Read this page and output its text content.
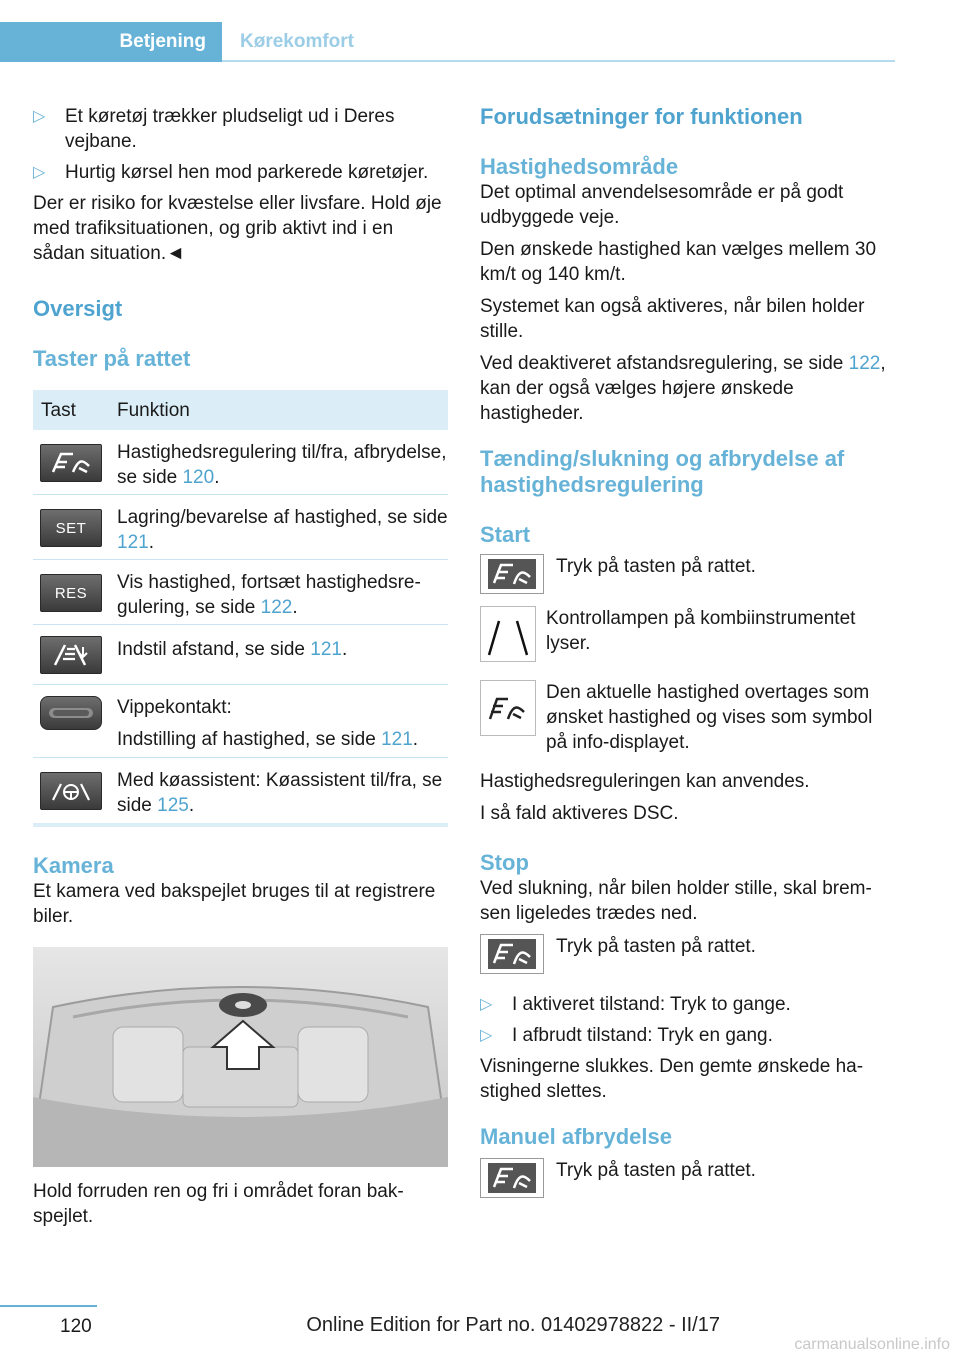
Betjening	Kørekomfort
▷	Et køretøj trækker pludseligt ud i Deres vejbane.
▷	Hurtig kørsel hen mod parkerede køretøjer.

Der er risiko for kvæstelse eller livsfare. Hold øje med trafiksituationen, og grib aktivt ind i en sådan situation.◄

Oversigt
Taster på rattet
Tast	Funktion
Hastighedsregulering til/fra, afbrydelse, se side 120.
SET	Lagring/bevarelse af hastighed, se side 121.
RES	Vis hastighed, fortsæt hastighedsregulering, se side 122.
Indstil afstand, se side 121.

Vippekontakt:

Indstilling af hastighed, se side 121.

Med køassistent: Køassistent til/fra, se side 125.
Kamera

Et kamera ved bakspejlet bruges til at registrere biler.

Hold forruden ren og fri i området foran bakspejlet.

Forudsætninger for funktionen
Hastighedsområde

Det optimal anvendelsesområde er på godt udbyggede veje.

Den ønskede hastighed kan vælges mellem 30 km/t og 140 km/t.

Systemet kan også aktiveres, når bilen holder stille.

Ved deaktiveret afstandsregulering, se side 122, kan der også vælges højere ønskede hastigheder.

Tænding/slukning og afbrydelse af hastighedsregulering
Start
Tryk på tasten på rattet.
Kontrollampen på kombiinstrumentet lyser.
Den aktuelle hastighed overtages som ønsket hastighed og vises som symbol på info-displayet.

Hastighedsreguleringen kan anvendes.

I så fald aktiveres DSC.

Stop

Ved slukning, når bilen holder stille, skal bremsen ligeledes trædes ned.

Tryk på tasten på rattet.
▷	I aktiveret tilstand: Tryk to gange.
▷	I afbrudt tilstand: Tryk en gang.

Visningerne slukkes. Den gemte ønskede hastighed slettes.

Manuel afbrydelse
Tryk på tasten på rattet.
120	Online Edition for Part no. 01402978822 - II/17
carmanualsonline.info
